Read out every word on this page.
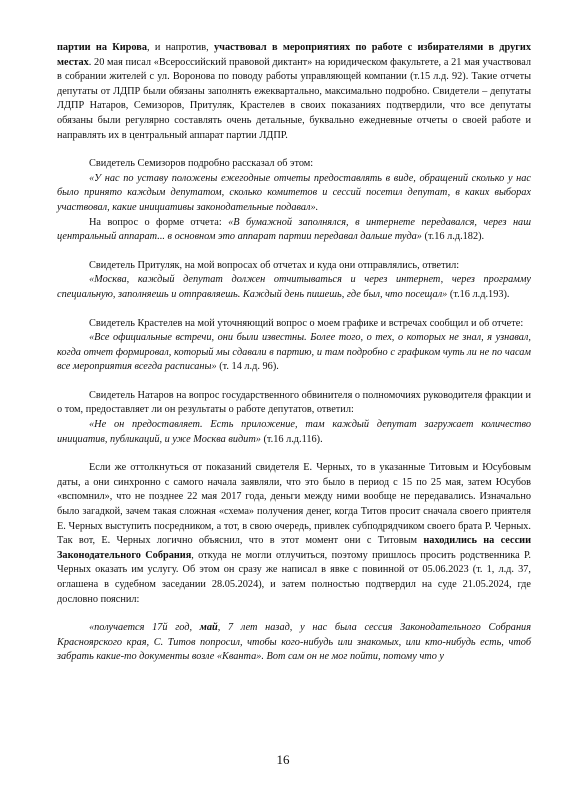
партии на Кирова, и напротив, участвовал в мероприятиях по работе с избирателями в других местах. 20 мая писал «Всероссийский правовой диктант» на юридическом факультете, а 21 мая участвовал в собрании жителей с ул. Воронова по поводу работы управляющей компании (т.15 л.д. 92). Такие отчеты депутаты от ЛДПР были обязаны заполнять ежеквартально, максимально подробно. Свидетели – депутаты ЛДПР Натаров, Семизоров, Притуляк, Крастелев в своих показаниях подтвердили, что все депутаты обязаны были регулярно составлять очень детальные, буквально ежедневные отчеты о своей работе и направлять их в центральный аппарат партии ЛДПР.

Свидетель Семизоров подробно рассказал об этом:

«У нас по уставу положены ежегодные отчеты предоставлять в виде, обращений сколько у нас было принято каждым депутатом, сколько комитетов и сессий посетил депутат, в каких выборах участвовал, какие инициативы законодательные подавал».

На вопрос о форме отчета: «В бумажной заполнялся, в интернете передавался, через наш центральный аппарат... в основном это аппарат партии передавал дальше туда» (т.16 л.д.182).

Свидетель Притуляк, на мой вопросах об отчетах и куда они отправлялись, ответил:

«Москва, каждый депутат должен отчитываться и через интернет, через программу специальную, заполняешь и отправляешь. Каждый день пишешь, где был, что посещал» (т.16 л.д.193).

Свидетель Крастелев на мой уточняющий вопрос о моем графике и встречах сообщил и об отчете:

«Все официальные встречи, они были известны. Более того, о тех, о которых не знал, я узнавал, когда отчет формировал, который мы сдавали в партию, и там подробно с графиком чуть ли не по часам все мероприятия всегда расписаны» (т. 14 л.д. 96).

Свидетель Натаров на вопрос государственного обвинителя о полномочиях руководителя фракции и о том, предоставляет ли он результаты о работе депутатов, ответил:

«Не он предоставляет. Есть приложение, там каждый депутат загружает количество инициатив, публикаций, и уже Москва видит» (т.16 л.д.116).

Если же оттолкнуться от показаний свидетеля Е. Черных, то в указанные Титовым и Юсубовым даты, а они синхронно с самого начала заявляли, что это было в период с 15 по 25 мая, затем Юсубов «вспомнил», что не позднее 22 мая 2017 года, деньги между ними вообще не передавались. Изначально было загадкой, зачем такая сложная «схема» получения денег, когда Титов просит сначала своего приятеля Е. Черных выступить посредником, а тот, в свою очередь, привлек субподрядчиком своего брата Р. Черных. Так вот, Е. Черных логично объяснил, что в этот момент они с Титовым находились на сессии Законодательного Собрания, откуда не могли отлучиться, поэтому пришлось просить родственника Р. Черных оказать им услугу. Об этом он сразу же написал в явке с повинной от 05.06.2023 (т. 1, л.д. 37, оглашена в судебном заседании 28.05.2024), и затем полностью подтвердил на суде 21.05.2024, где дословно пояснил:

«получается 17й год, май, 7 лет назад, у нас была сессия Законодательного Собрания Красноярского края, С. Титов попросил, чтобы кого-нибудь или знакомых, или кто-нибудь есть, чтоб забрать какие-то документы возле «Кванта». Вот сам он не мог пойти, потому что у

16
